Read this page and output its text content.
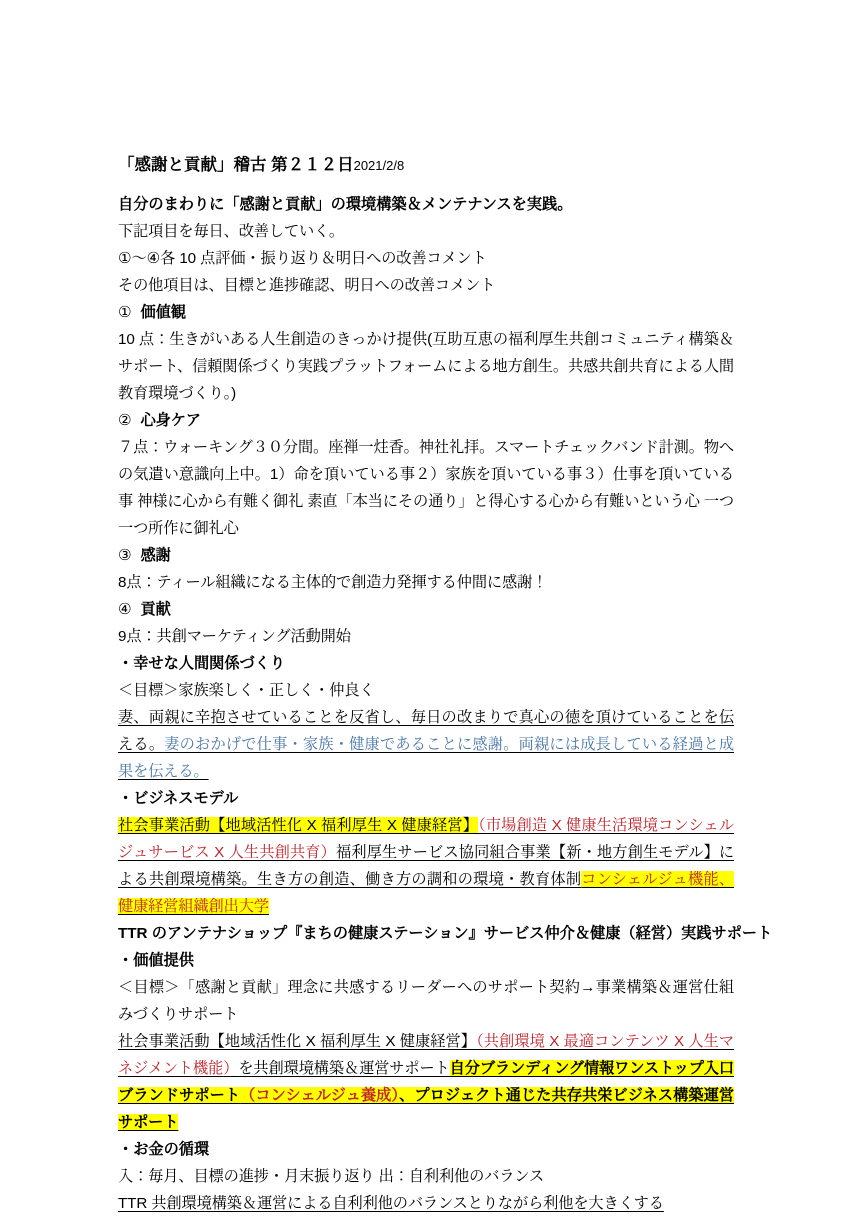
「感謝と貢献」稽古 第２１２日2021/2/8
自分のまわりに「感謝と貢献」の環境構築＆メンテナンスを実践。
下記項目を毎日、改善していく。
①～④各 10 点評価・振り返り＆明日への改善コメント
その他項目は、目標と進捗確認、明日への改善コメント
① 価値観
10 点：生きがいある人生創造のきっかけ提供(互助互恵の福利厚生共創コミュニティ構築＆サポート、信頼関係づくり実践プラットフォームによる地方創生。共感共創共育による人間教育環境づくり。)
② 心身ケア
７点：ウォーキング３０分間。座禅一炷香。神社礼拝。スマートチェックバンド計測。物への気遣い意識向上中。1）命を頂いている事２）家族を頂いている事３）仕事を頂いている事 神様に心から有難く御礼 素直「本当にその通り」と得心する心から有難いという心 一つ一つ所作に御礼心
③ 感謝
8点：ティール組織になる主体的で創造力発揮する仲間に感謝！
④ 貢献
9点：共創マーケティング活動開始
・幸せな人間関係づくり
＜目標＞家族楽しく・正しく・仲良く
妻、両親に辛抱させていることを反省し、毎日の改まりで真心の徳を頂けていることを伝える。妻のおかげで仕事・家族・健康であることに感謝。両親には成長している経過と成果を伝える。
・ビジネスモデル
社会事業活動【地域活性化 X 福利厚生 X 健康経営】（市場創造 X 健康生活環境コンシェルジュサービス X 人生共創共育）福利厚生サービス協同組合事業【新・地方創生モデル】による共創環境構築。生き方の創造、働き方の調和の環境・教育体制コンシェルジュ機能、健康経営組織創出大学
TTR のアンテナショップ『まちの健康ステーション』サービス仲介＆健康（経営）実践サポート
・価値提供
＜目標＞「感謝と貢献」理念に共感するリーダーへのサポート契約→事業構築＆運営仕組みづくりサポート
社会事業活動【地域活性化 X 福利厚生 X 健康経営】（共創環境 X 最適コンテンツ X 人生マネジメント機能）を共創環境構築＆運営サポート自分ブランディング情報ワンストップ入口ブランドサポート（コンシェルジュ養成）、プロジェクト通じた共存共栄ビジネス構築運営サポート
・お金の循環
入：毎月、目標の進捗・月末振り返り 出：自利利他のバランス
TTR 共創環境構築＆運営による自利利他のバランスとりながら利他を大きくする
